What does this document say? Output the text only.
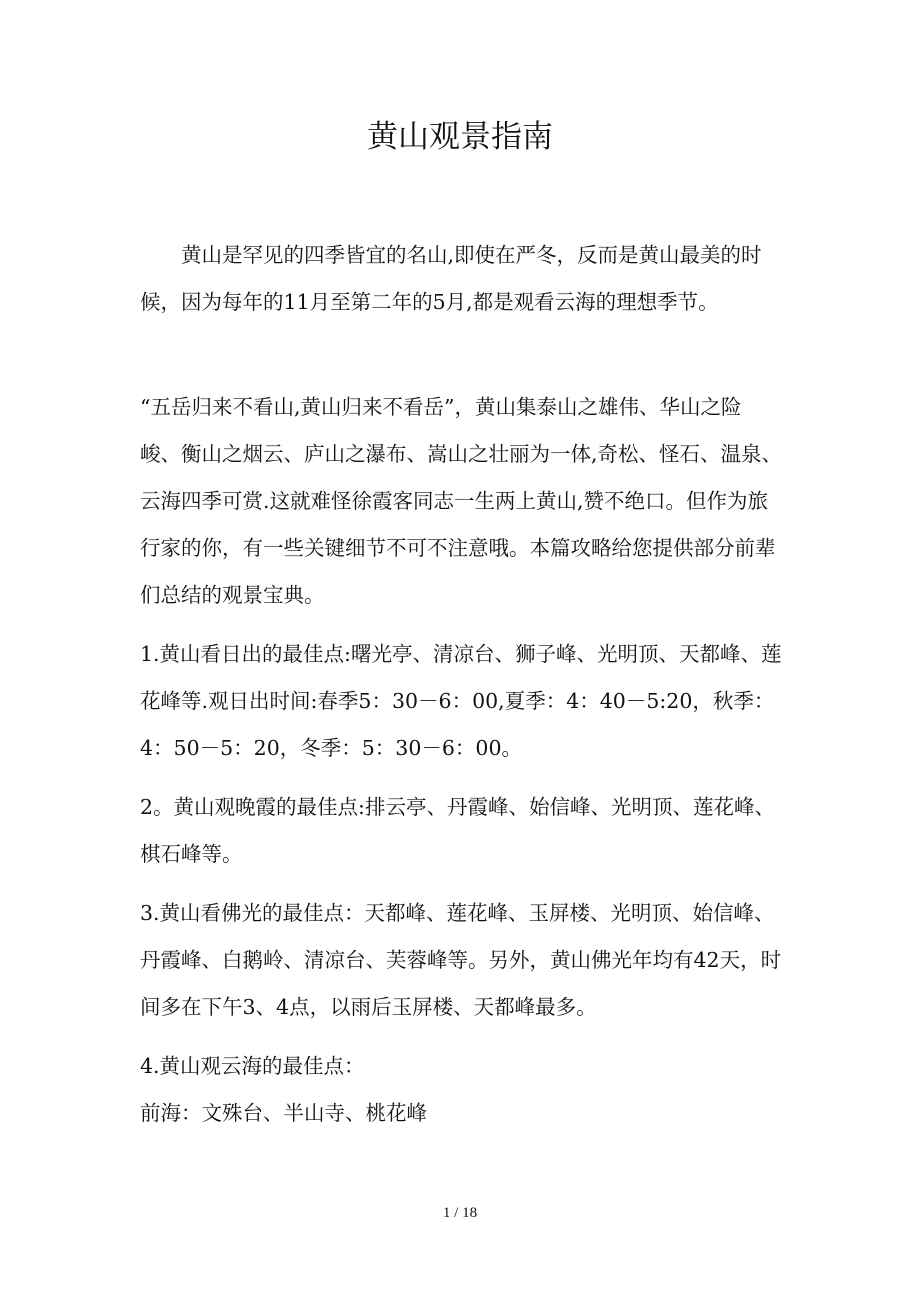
黄山观景指南

黄山是罕见的四季皆宜的名山,即使在严冬，反而是黄山最美的时候，因为每年的11月至第二年的5月,都是观看云海的理想季节。

“五岳归来不看山,黄山归来不看岳”，黄山集泰山之雄伟、华山之险峻、衡山之烟云、庐山之瀑布、嵩山之壮丽为一体,奇松、怪石、温泉、云海四季可赏.这就难怪徐霞客同志一生两上黄山,赞不绝口。但作为旅行家的你，有一些关键细节不可不注意哦。本篇攻略给您提供部分前辈们总结的观景宝典。

1.黄山看日出的最佳点:曙光亭、清凉台、狮子峰、光明顶、天都峰、莲花峰等.观日出时间:春季5：30－6：00,夏季：4：40－5:20，秋季：4：50－5：20，冬季：5：30－6：00。

2。黄山观晚霞的最佳点:排云亭、丹霞峰、始信峰、光明顶、莲花峰、棋石峰等。

3.黄山看佛光的最佳点：天都峰、莲花峰、玉屏楼、光明顶、始信峰、丹霞峰、白鹅岭、清凉台、芙蓉峰等。另外，黄山佛光年均有42天，时间多在下午3、4点，以雨后玉屏楼、天都峰最多。

4.黄山观云海的最佳点：

前海：文殊台、半山寺、桃花峰

1 / 18
